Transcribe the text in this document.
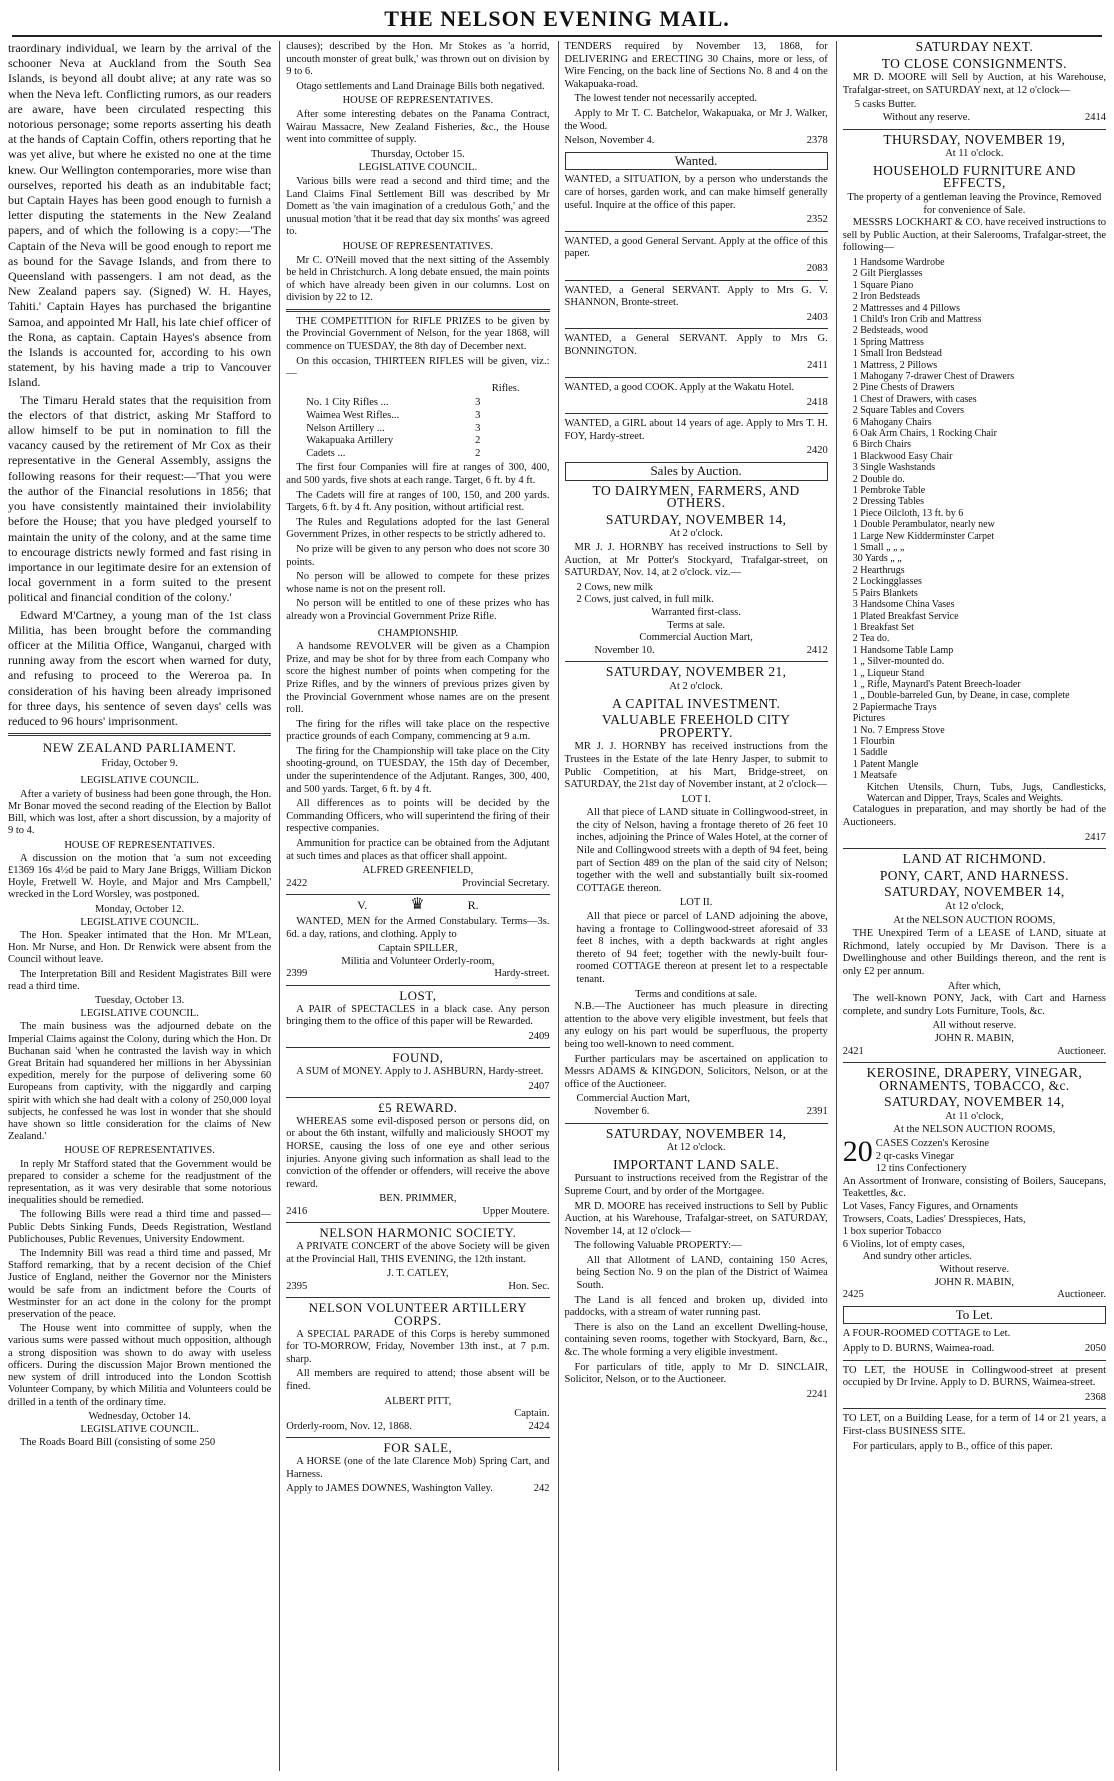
THE NELSON EVENING MAIL.

traordinary individual, we learn by the arrival of the schooner Neva at Auckland from the South Sea Islands, is beyond all doubt alive; at any rate was so when the Neva left. Conflicting rumors, as our readers are aware, have been circulated respecting this notorious personage; some reports asserting his death at the hands of Captain Coffin, others reporting that he was yet alive, but where he existed no one at the time knew. Our Wellington contemporaries, more wise than ourselves, reported his death as an indubitable fact; but Captain Hayes has been good enough to furnish a letter disputing the statements in the New Zealand papers, and of which the following is a copy:—'The Captain of the Neva will be good enough to report me as bound for the Savage Islands, and from there to Queensland with passengers. I am not dead, as the New Zealand papers say. (Signed) W. H. Hayes, Tahiti.' Captain Hayes has purchased the brigantine Samoa, and appointed Mr Hall, his late chief officer of the Rona, as captain. Captain Hayes's absence from the Islands is accounted for, according to his own statement, by his having made a trip to Vancouver Island.

The Timaru Herald states that the requisition from the electors of that district, asking Mr Stafford to allow himself to be put in nomination to fill the vacancy caused by the retirement of Mr Cox as their representative in the General Assembly, assigns the following reasons for their request:—'That you were the author of the Financial resolutions in 1856; that you have consistently maintained their inviolability before the House; that you have pledged yourself to maintain the unity of the colony, and at the same time to encourage districts newly formed and fast rising in importance in our legitimate desire for an extension of local government in a form suited to the present political and financial condition of the colony.'

Edward M'Cartney, a young man of the 1st class Militia, has been brought before the commanding officer at the Militia Office, Wanganui, charged with running away from the escort when warned for duty, and refusing to proceed to the Wereroa pa. In consideration of his having been already imprisoned for three days, his sentence of seven days' cells was reduced to 96 hours' imprisonment.

NEW ZEALAND PARLIAMENT.
Friday, October 9.
LEGISLATIVE COUNCIL.

After a variety of business had been gone through, the Hon. Mr Bonar moved the second reading of the Election by Ballot Bill, which was lost, after a short discussion, by a majority of 9 to 4.

HOUSE OF REPRESENTATIVES.

A discussion on the motion that 'a sum not exceeding £1369 16s 4½d be paid to Mary Jane Briggs, William Dickon Hoyle, Fretwell W. Hoyle, and Major and Mrs Campbell,' wrecked in the Lord Worsley, was postponed.

Monday, October 12.
LEGISLATIVE COUNCIL.

The Hon. Speaker intimated that the Hon. Mr M'Lean, Hon. Mr Nurse, and Hon. Dr Renwick were absent from the Council without leave.

The Interpretation Bill and Resident Magistrates Bill were read a third time.

Tuesday, October 13.
LEGISLATIVE COUNCIL.

The main business was the adjourned debate on the Imperial Claims against the Colony, during which the Hon. Dr Buchanan said 'when he contrasted the lavish way in which Great Britain had squandered her millions in her Abyssinian expedition, merely for the purpose of delivering some 60 Europeans from captivity, with the niggardly and carping spirit with which she had dealt with a colony of 250,000 loyal subjects, he confessed he was lost in wonder that she should have shown so little consideration for the claims of New Zealand.'

HOUSE OF REPRESENTATIVES.

In reply Mr Stafford stated that the Government would be prepared to consider a scheme for the readjustment of the representation, as it was very desirable that some notorious inequalities should be remedied.

The following Bills were read a third time and passed—Public Debts Sinking Funds, Deeds Registration, Westland Publichouses, Public Revenues, University Endowment.

The Indemnity Bill was read a third time and passed, Mr Stafford remarking, that by a recent decision of the Chief Justice of England, neither the Governor nor the Ministers would be safe from an indictment before the Courts of Westminster for an act done in the colony for the prompt preservation of the peace.

The House went into committee of supply, when the various sums were passed without much opposition, although a strong disposition was shown to do away with useless officers. During the discussion Major Brown mentioned the new system of drill introduced into the London Scottish Volunteer Company, by which Militia and Volunteers could be drilled in a tenth of the ordinary time.

Wednesday, October 14.
LEGISLATIVE COUNCIL.

The Roads Board Bill (consisting of some 250

clauses); described by the Hon. Mr Stokes as 'a horrid, uncouth monster of great bulk,' was thrown out on division by 9 to 6.

Otago settlements and Land Drainage Bills both negatived.

HOUSE OF REPRESENTATIVES.

After some interesting debates on the Panama Contract, Wairau Massacre, New Zealand Fisheries, &c., the House went into committee of supply.

Thursday, October 15.
LEGISLATIVE COUNCIL.

Various bills were read a second and third time; and the Land Claims Final Settlement Bill was described by Mr Domett as 'the vain imagination of a credulous Goth,' and the unusual motion 'that it be read that day six months' was agreed to.

HOUSE OF REPRESENTATIVES.

Mr C. O'Neill moved that the next sitting of the Assembly be held in Christchurch. A long debate ensued, the main points of which have already been given in our columns. Lost on division by 22 to 12.

THE COMPETITION for RIFLE PRIZES to be given by the Provincial Government of Nelson, for the year 1868, will commence on TUESDAY, the 8th day of December next.

On this occasion, THIRTEEN RIFLES will be given, viz.:—

Rifles.
No. 1 City Rifles ...	3
Waimea West Rifles...	3
Nelson Artillery ...	3
Wakapuaka Artillery	2
Cadets ...	2

The first four Companies will fire at ranges of 300, 400, and 500 yards, five shots at each range. Target, 6 ft. by 4 ft.

The Cadets will fire at ranges of 100, 150, and 200 yards. Targets, 6 ft. by 4 ft. Any position, without artificial rest.

The Rules and Regulations adopted for the last General Government Prizes, in other respects to be strictly adhered to.

No prize will be given to any person who does not score 30 points.

No person will be allowed to compete for these prizes whose name is not on the present roll.

No person will be entitled to one of these prizes who has already won a Provincial Government Prize Rifle.

CHAMPIONSHIP.

A handsome REVOLVER will be given as a Champion Prize, and may be shot for by three from each Company who score the highest number of points when competing for the Prize Rifles, and by the winners of previous prizes given by the Provincial Government whose names are on the present roll.

The firing for the rifles will take place on the respective practice grounds of each Company, commencing at 9 a.m.

The firing for the Championship will take place on the City shooting-ground, on TUESDAY, the 15th day of December, under the superintendence of the Adjutant. Ranges, 300, 400, and 500 yards. Target, 6 ft. by 4 ft.

All differences as to points will be decided by the Commanding Officers, who will superintend the firing of their respective companies.

Ammunition for practice can be obtained from the Adjutant at such times and places as that officer shall appoint.

ALFRED GREENFIELD,
2422	Provincial Secretary.
V.	♛	R.

WANTED, MEN for the Armed Constabulary. Terms—3s. 6d. a day, rations, and clothing. Apply to

Captain SPILLER,
Militia and Volunteer Orderly-room,
2399	Hardy-street.
LOST,

A PAIR of SPECTACLES in a black case. Any person bringing them to the office of this paper will be Rewarded.

2409
FOUND,

A SUM of MONEY. Apply to J. ASHBURN, Hardy-street.

2407
£5 REWARD.

WHEREAS some evil-disposed person or persons did, on or about the 6th instant, wilfully and maliciously SHOOT my HORSE, causing the loss of one eye and other serious injuries. Anyone giving such information as shall lead to the conviction of the offender or offenders, will receive the above reward.

BEN. PRIMMER,
2416	Upper Moutere.
NELSON HARMONIC SOCIETY.

A PRIVATE CONCERT of the above Society will be given at the Provincial Hall, THIS EVENING, the 12th instant.

J. T. CATLEY,
2395	Hon. Sec.
NELSON VOLUNTEER ARTILLERY CORPS.

A SPECIAL PARADE of this Corps is hereby summoned for TO-MORROW, Friday, November 13th inst., at 7 p.m. sharp.

All members are required to attend; those absent will be fined.

ALBERT PITT,
Captain.
Orderly-room, Nov. 12, 1868.	2424
FOR SALE,

A HORSE (one of the late Clarence Mob) Spring Cart, and Harness.

Apply to JAMES DOWNES, Washington Valley.	242

TENDERS required by November 13, 1868, for DELIVERING and ERECTING 30 Chains, more or less, of Wire Fencing, on the back line of Sections No. 8 and 4 on the Wakapuaka-road.

The lowest tender not necessarily accepted.

Apply to Mr T. C. Batchelor, Wakapuaka, or Mr J. Walker, the Wood.

Nelson, November 4.	2378
Wanted.

WANTED, a SITUATION, by a person who understands the care of horses, garden work, and can make himself generally useful. Inquire at the office of this paper.

2352

WANTED, a good General Servant. Apply at the office of this paper.

2083

WANTED, a General SERVANT. Apply to Mrs G. V. SHANNON, Bronte-street.

2403

WANTED, a General SERVANT. Apply to Mrs G. BONNINGTON.

2411

WANTED, a good COOK. Apply at the Wakatu Hotel.

2418

WANTED, a GIRL about 14 years of age. Apply to Mrs T. H. FOY, Hardy-street.

2420
Sales by Auction.
TO DAIRYMEN, FARMERS, AND OTHERS.
SATURDAY, NOVEMBER 14,
At 2 o'clock.

MR J. J. HORNBY has received instructions to Sell by Auction, at Mr Potter's Stockyard, Trafalgar-street, on SATURDAY, Nov. 14, at 2 o'clock. viz.—

2 Cows, new milk
2 Cows, just calved, in full milk.
Warranted first-class.
Terms at sale.
Commercial Auction Mart,
November 10.	2412
SATURDAY, NOVEMBER 21,
At 2 o'clock.
A CAPITAL INVESTMENT.
VALUABLE FREEHOLD CITY PROPERTY.

MR J. J. HORNBY has received instructions from the Trustees in the Estate of the late Henry Jasper, to submit to Public Competition, at his Mart, Bridge-street, on SATURDAY, the 21st day of November instant, at 2 o'clock—

LOT I.

All that piece of LAND situate in Collingwood-street, in the city of Nelson, having a frontage thereto of 26 feet 10 inches, adjoining the Prince of Wales Hotel, at the corner of Nile and Collingwood streets with a depth of 94 feet, being part of Section 489 on the plan of the said city of Nelson; together with the well and substantially built six-roomed COTTAGE thereon.

LOT II.

All that piece or parcel of LAND adjoining the above, having a frontage to Collingwood-street aforesaid of 33 feet 8 inches, with a depth backwards at right angles thereto of 94 feet; together with the newly-built four-roomed COTTAGE thereon at present let to a respectable tenant.

Terms and conditions at sale.

N.B.—The Auctioneer has much pleasure in directing attention to the above very eligible investment, but feels that any eulogy on his part would be superfluous, the property being too well-known to need comment.

Further particulars may be ascertained on application to Messrs ADAMS & KINGDON, Solicitors, Nelson, or at the office of the Auctioneer.

Commercial Auction Mart,
November 6.	2391
SATURDAY, NOVEMBER 14,
At 12 o'clock.
IMPORTANT LAND SALE.

Pursuant to instructions received from the Registrar of the Supreme Court, and by order of the Mortgagee.

MR D. MOORE has received instructions to Sell by Public Auction, at his Warehouse, Trafalgar-street, on SATURDAY, November 14, at 12 o'clock—

The following Valuable PROPERTY:—

All that Allotment of LAND, containing 150 Acres, being Section No. 9 on the plan of the District of Waimea South.

The Land is all fenced and broken up, divided into paddocks, with a stream of water running past.

There is also on the Land an excellent Dwelling-house, containing seven rooms, together with Stockyard, Barn, &c., &c. The whole forming a very eligible investment.

For particulars of title, apply to Mr D. SINCLAIR, Solicitor, Nelson, or to the Auctioneer.

2241
SATURDAY NEXT.
TO CLOSE CONSIGNMENTS.

MR D. MOORE will Sell by Auction, at his Warehouse, Trafalgar-street, on SATURDAY next, at 12 o'clock—

5 casks Butter.
Without any reserve.	2414
THURSDAY, NOVEMBER 19,
At 11 o'clock.
HOUSEHOLD FURNITURE AND EFFECTS,
The property of a gentleman leaving the Province, Removed for convenience of Sale.

MESSRS LOCKHART & CO. have received instructions to sell by Public Auction, at their Salerooms, Trafalgar-street, the following—

1 Handsome Wardrobe
2 Gilt Pierglasses
1 Square Piano
2 Iron Bedsteads
2 Mattresses and 4 Pillows
1 Child's Iron Crib and Mattress
2 Bedsteads, wood
1 Spring Mattress
1 Small Iron Bedstead
1 Mattress, 2 Pillows
1 Mahogany 7-drawer Chest of Drawers
2 Pine Chests of Drawers
1 Chest of Drawers, with cases
2 Square Tables and Covers
6 Mahogany Chairs
6 Oak Arm Chairs, 1 Rocking Chair
6 Birch Chairs
1 Blackwood Easy Chair
3 Single Washstands
2 Double do.
1 Pembroke Table
2 Dressing Tables
1 Piece Oilcloth, 13 ft. by 6
1 Double Perambulator, nearly new
1 Large New Kidderminster Carpet
1 Small „ „ „
30 Yards „ „
2 Hearthrugs
2 Lockingglasses
5 Pairs Blankets
3 Handsome China Vases
1 Plated Breakfast Service
1 Breakfast Set
2 Tea do.
1 Handsome Table Lamp
1 „ Silver-mounted do.
1 „ Liqueur Stand
1 „ Rifle, Maynard's Patent Breech-loader
1 „ Double-barreled Gun, by Deane, in case, complete
2 Papiermache Trays
Pictures
1 No. 7 Empress Stove
1 Flourbin
1 Saddle
1 Patent Mangle
1 Meatsafe
Kitchen Utensils, Churn, Tubs, Jugs, Candlesticks, Watercan and Dipper, Trays, Scales and Weights.

Catalogues in preparation, and may shortly be had of the Auctioneers.

2417
LAND AT RICHMOND.
PONY, CART, AND HARNESS.
SATURDAY, NOVEMBER 14,
At 12 o'clock,
At the NELSON AUCTION ROOMS,

THE Unexpired Term of a LEASE of LAND, situate at Richmond, lately occupied by Mr Davison. There is a Dwellinghouse and other Buildings thereon, and the rent is only £2 per annum.

After which,

The well-known PONY, Jack, with Cart and Harness complete, and sundry Lots Furniture, Tools, &c.

All without reserve.
JOHN R. MABIN,
2421	Auctioneer.
KEROSINE, DRAPERY, VINEGAR, ORNAMENTS, TOBACCO, &c.
SATURDAY, NOVEMBER 14,
At 11 o'clock,
At the NELSON AUCTION ROOMS,
20 CASES Cozzen's Kerosine
2 qr-casks Vinegar
12 tins Confectionery
An Assortment of Ironware, consisting of Boilers, Saucepans, Teakettles, &c.
Lot Vases, Fancy Figures, and Ornaments
Trowsers, Coats, Ladies' Dresspieces, Hats,
1 box superior Tobacco
6 Violins, lot of empty cases,
And sundry other articles.
Without reserve.
JOHN R. MABIN,
2425	Auctioneer.
To Let.

A FOUR-ROOMED COTTAGE to Let.

Apply to D. BURNS, Waimea-road.	2050

TO LET, the HOUSE in Collingwood-street at present occupied by Dr Irvine. Apply to D. BURNS, Waimea-street.

2368

TO LET, on a Building Lease, for a term of 14 or 21 years, a First-class BUSINESS SITE.

For particulars, apply to B., office of this paper.
